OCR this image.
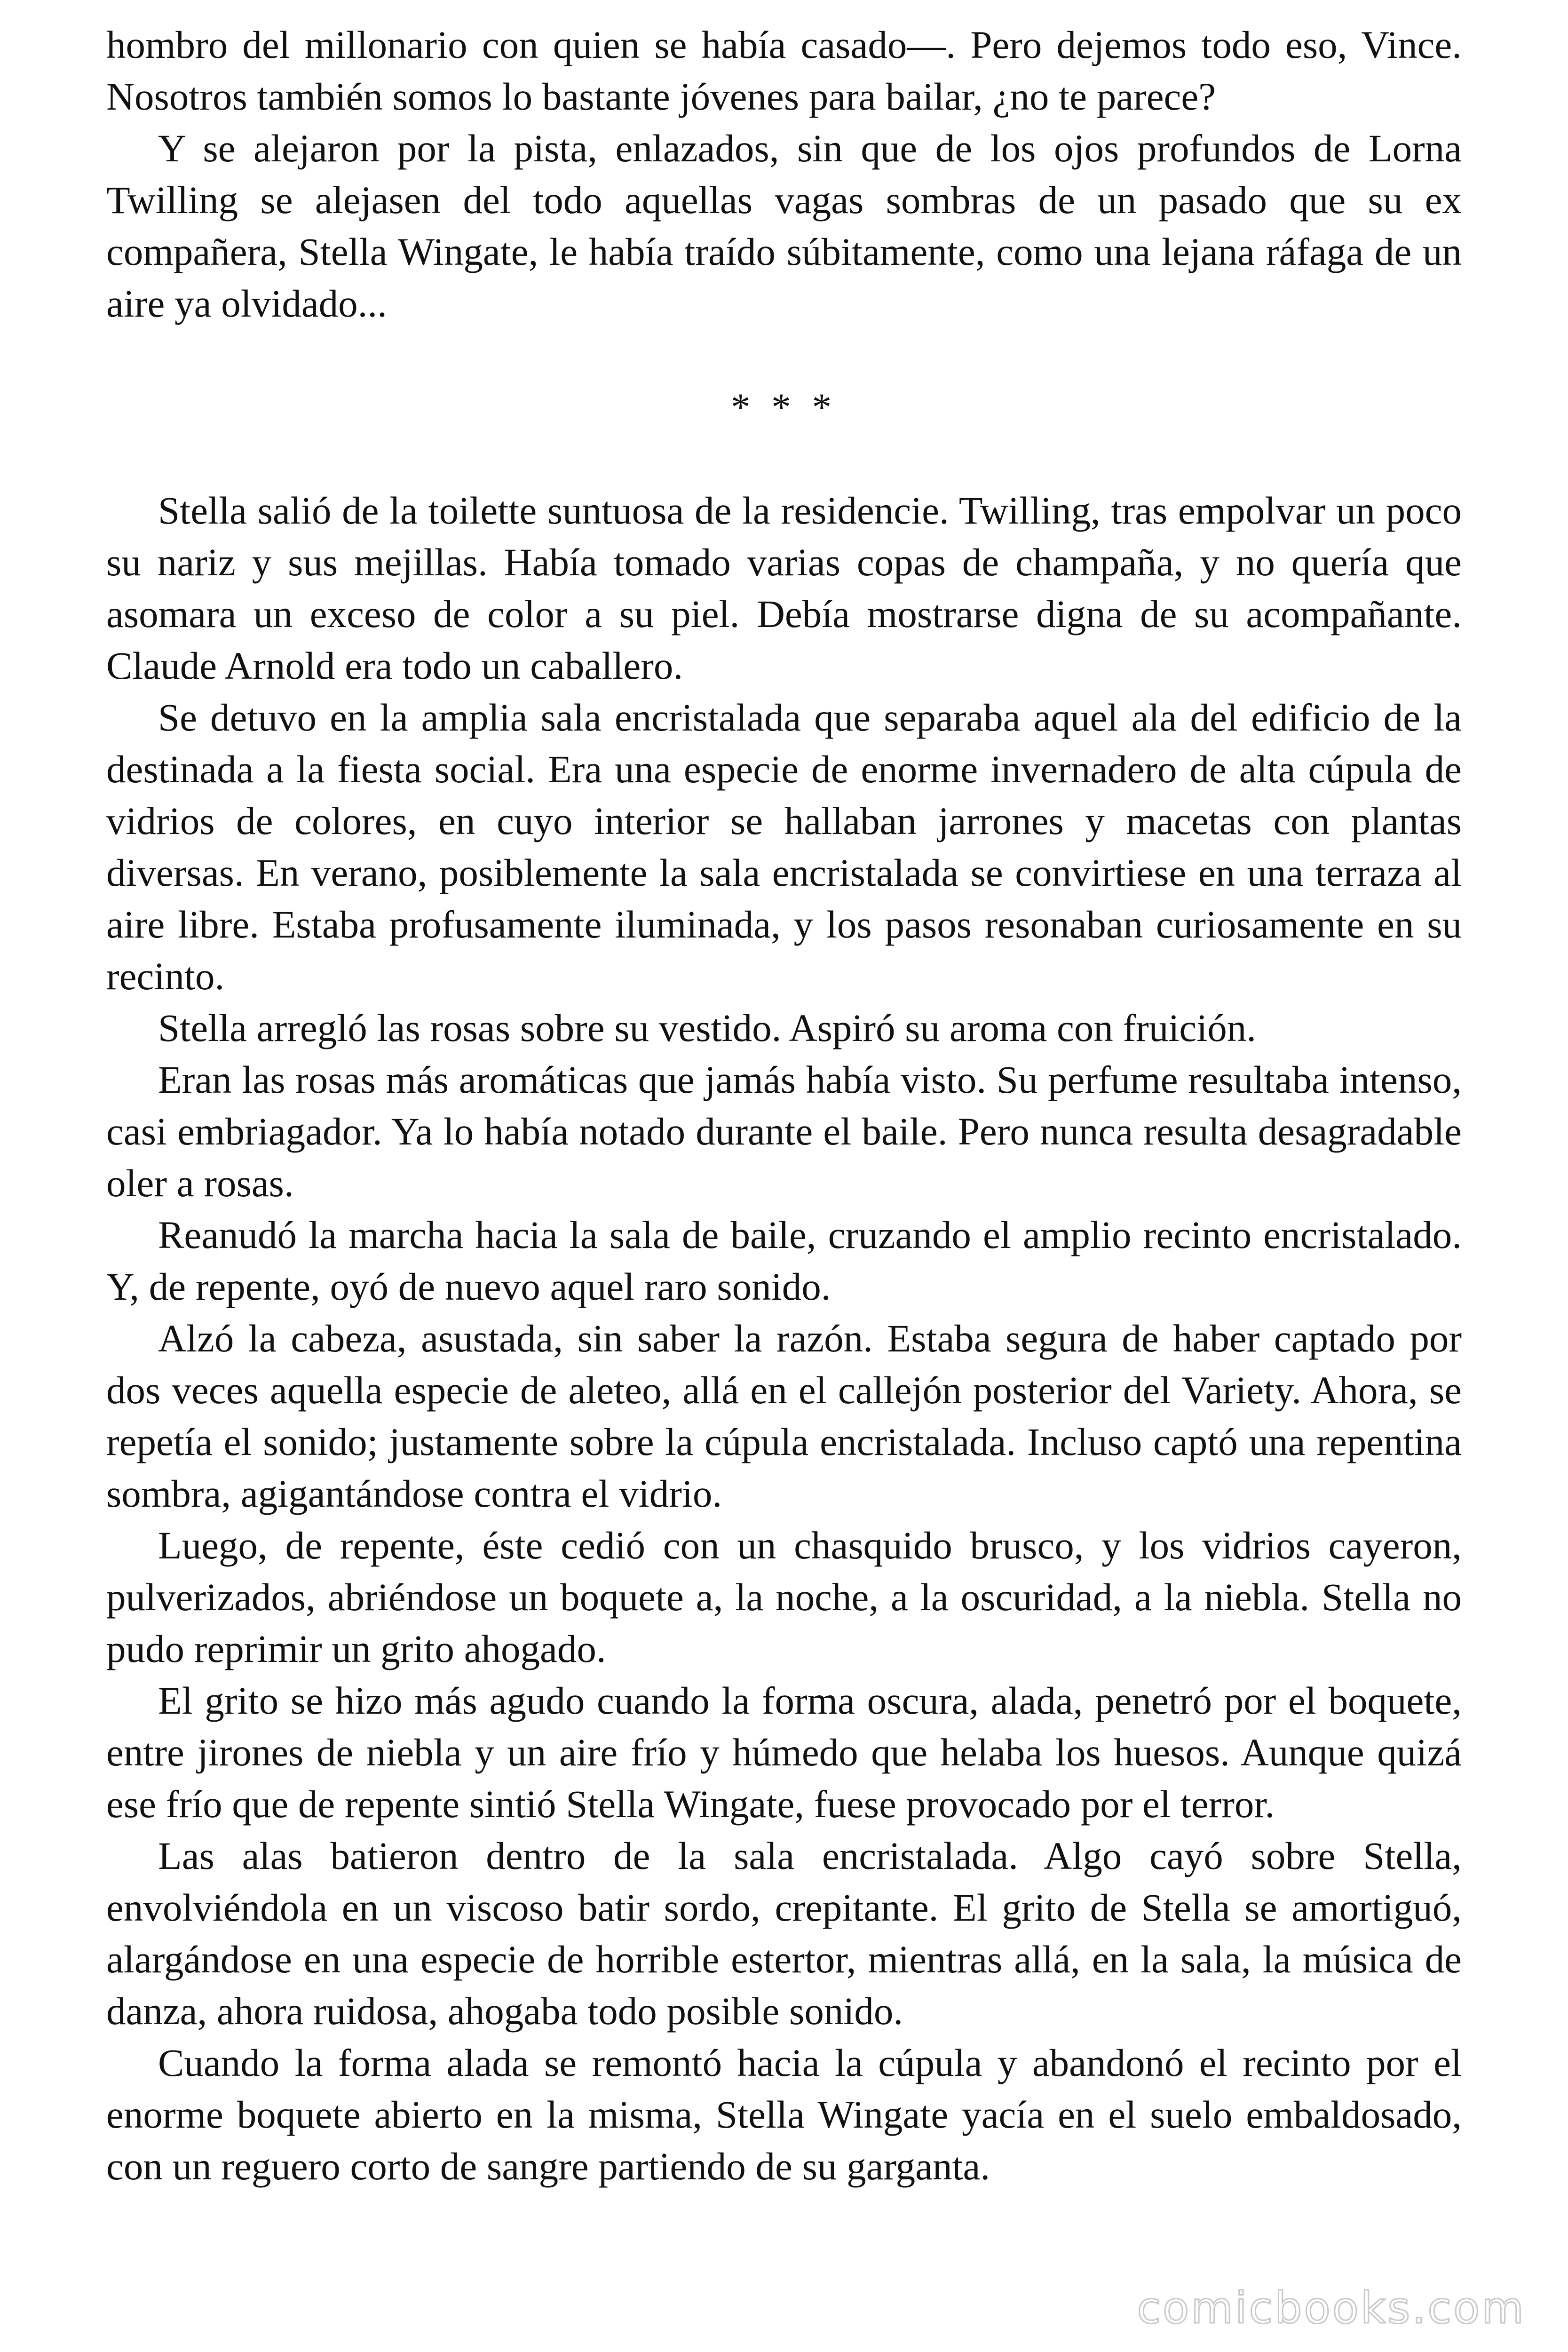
hombro del millonario con quien se había casado—. Pero dejemos todo eso, Vince. Nosotros también somos lo bastante jóvenes para bailar, ¿no te parece?

Y se alejaron por la pista, enlazados, sin que de los ojos profundos de Lorna Twilling se alejasen del todo aquellas vagas sombras de un pasado que su ex compañera, Stella Wingate, le había traído súbitamente, como una lejana ráfaga de un aire ya olvidado...

* * *

Stella salió de la toilette suntuosa de la residencie. Twilling, tras empolvar un poco su nariz y sus mejillas. Había tomado varias copas de champaña, y no quería que asomara un exceso de color a su piel. Debía mostrarse digna de su acompañante. Claude Arnold era todo un caballero.

Se detuvo en la amplia sala encristalada que separaba aquel ala del edificio de la destinada a la fiesta social. Era una especie de enorme invernadero de alta cúpula de vidrios de colores, en cuyo interior se hallaban jarrones y macetas con plantas diversas. En verano, posiblemente la sala encristalada se convirtiese en una terraza al aire libre. Estaba profusamente iluminada, y los pasos resonaban curiosamente en su recinto.

Stella arregló las rosas sobre su vestido. Aspiró su aroma con fruición.

Eran las rosas más aromáticas que jamás había visto. Su perfume resultaba intenso, casi embriagador. Ya lo había notado durante el baile. Pero nunca resulta desagradable oler a rosas.

Reanudó la marcha hacia la sala de baile, cruzando el amplio recinto encristalado. Y, de repente, oyó de nuevo aquel raro sonido.

Alzó la cabeza, asustada, sin saber la razón. Estaba segura de haber captado por dos veces aquella especie de aleteo, allá en el callejón posterior del Variety. Ahora, se repetía el sonido; justamente sobre la cúpula encristalada. Incluso captó una repentina sombra, agigantándose contra el vidrio.

Luego, de repente, éste cedió con un chasquido brusco, y los vidrios cayeron, pulverizados, abriéndose un boquete a, la noche, a la oscuridad, a la niebla. Stella no pudo reprimir un grito ahogado.

El grito se hizo más agudo cuando la forma oscura, alada, penetró por el boquete, entre jirones de niebla y un aire frío y húmedo que helaba los huesos. Aunque quizá ese frío que de repente sintió Stella Wingate, fuese provocado por el terror.

Las alas batieron dentro de la sala encristalada. Algo cayó sobre Stella, envolviéndola en un viscoso batir sordo, crepitante. El grito de Stella se amortiguó, alargándose en una especie de horrible estertor, mientras allá, en la sala, la música de danza, ahora ruidosa, ahogaba todo posible sonido.

Cuando la forma alada se remontó hacia la cúpula y abandonó el recinto por el enorme boquete abierto en la misma, Stella Wingate yacía en el suelo embaldosado, con un reguero corto de sangre partiendo de su garganta.

comicbooks.com
